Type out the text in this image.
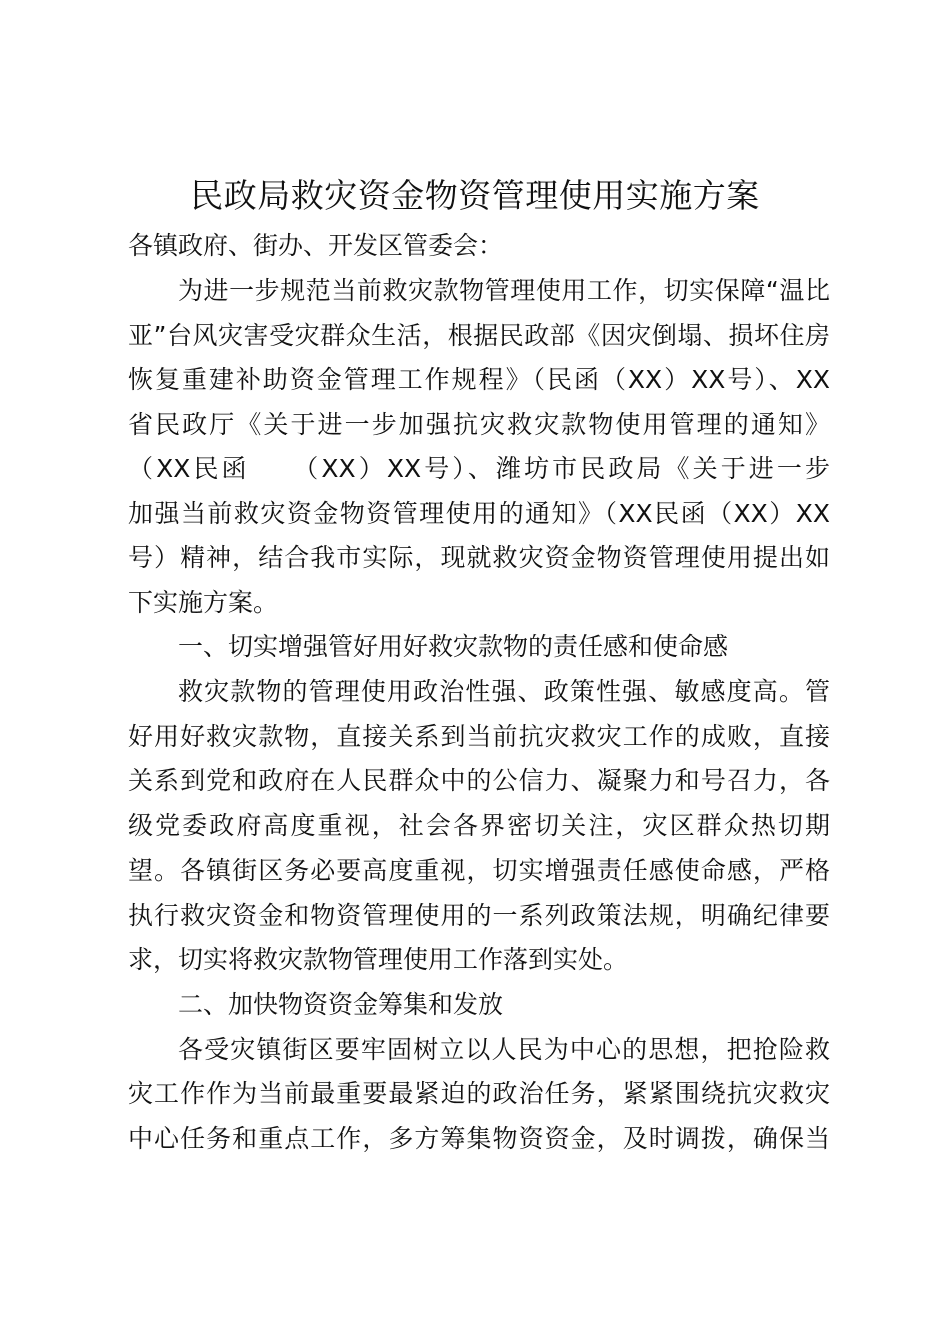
民政局救灾资金物资管理使用实施方案
各镇政府、街办、开发区管委会：
为进一步规范当前救灾款物管理使用工作，切实保障“温比
亚”台风灾害受灾群众生活，根据民政部《因灾倒塌、损坏住房
恢复重建补助资金管理工作规程》（民函（XX）XX号）、XX
省民政厅《关于进一步加强抗灾救灾款物使用管理的通知》
（XX民函　　（XX）XX号）、潍坊市民政局《关于进一步
加强当前救灾资金物资管理使用的通知》（XX民函（XX）XX
号）精神，结合我市实际，现就救灾资金物资管理使用提出如
下实施方案。
一、切实增强管好用好救灾款物的责任感和使命感
救灾款物的管理使用政治性强、政策性强、敏感度高。管
好用好救灾款物，直接关系到当前抗灾救灾工作的成败，直接
关系到党和政府在人民群众中的公信力、凝聚力和号召力，各
级党委政府高度重视，社会各界密切关注，灾区群众热切期
望。各镇街区务必要高度重视，切实增强责任感使命感，严格
执行救灾资金和物资管理使用的一系列政策法规，明确纪律要
求，切实将救灾款物管理使用工作落到实处。
二、加快物资资金筹集和发放
各受灾镇街区要牢固树立以人民为中心的思想，把抢险救
灾工作作为当前最重要最紧迫的政治任务，紧紧围绕抗灾救灾
中心任务和重点工作，多方筹集物资资金，及时调拨，确保当
